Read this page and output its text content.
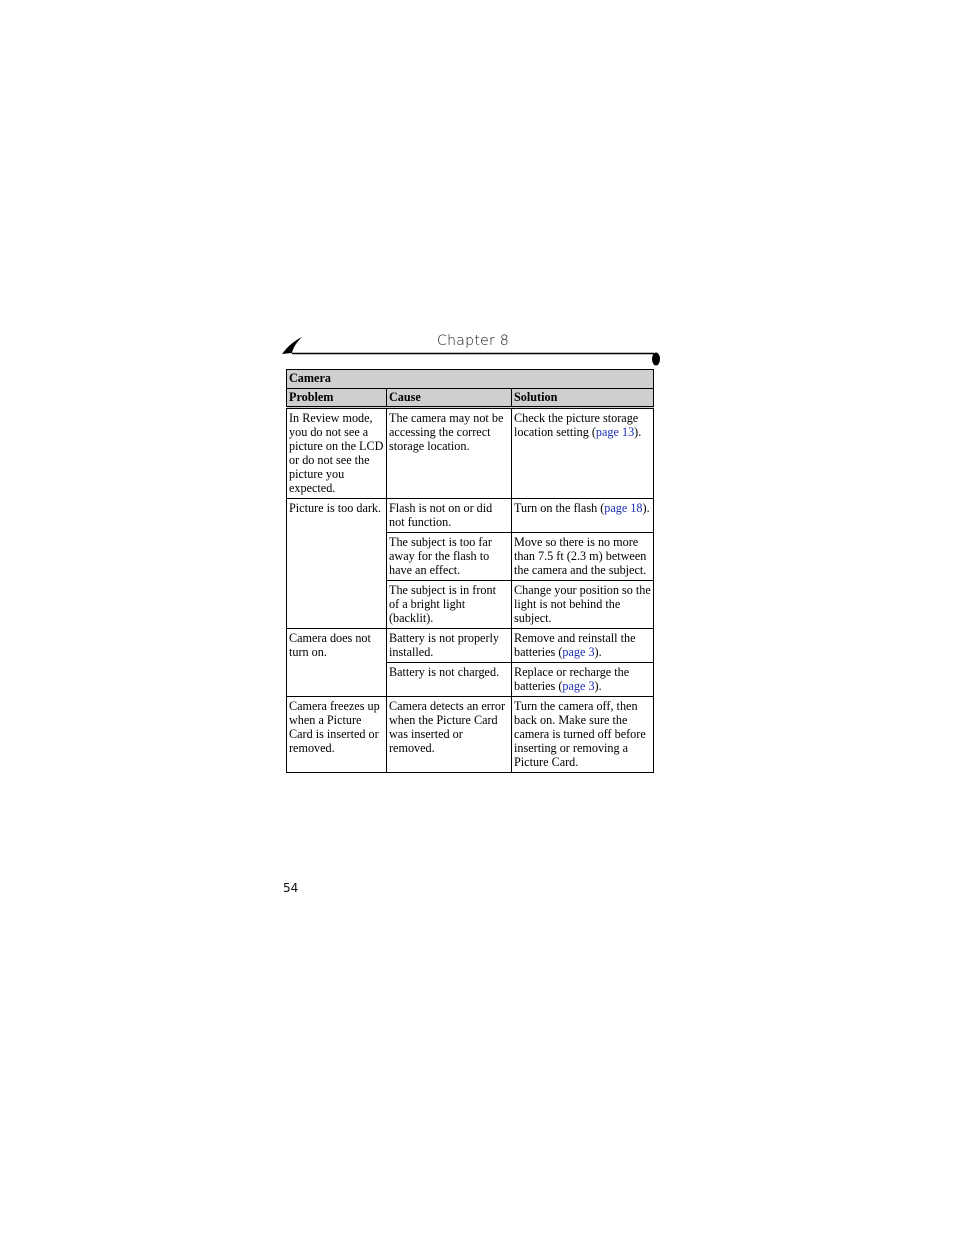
Chapter 8
Camera		
Problem	Cause	Solution
In Review mode, you do not see a picture on the LCD or do not see the picture you expected.	The camera may not be accessing the correct storage location.	Check the picture storage location setting (page 13).
Picture is too dark.	Flash is not on or did not function.	Turn on the flash (page 18).
	The subject is too far away for the flash to have an effect.	Move so there is no more than 7.5 ft (2.3 m) between the camera and the subject.
	The subject is in front of a bright light (backlit).	Change your position so the light is not behind the subject.
Camera does not turn on.	Battery is not properly installed.	Remove and reinstall the batteries (page 3).
	Battery is not charged.	Replace or recharge the batteries (page 3).
Camera freezes up when a Picture Card is inserted or removed.	Camera detects an error when the Picture Card was inserted or removed.	Turn the camera off, then back on. Make sure the camera is turned off before inserting or removing a Picture Card.
54
